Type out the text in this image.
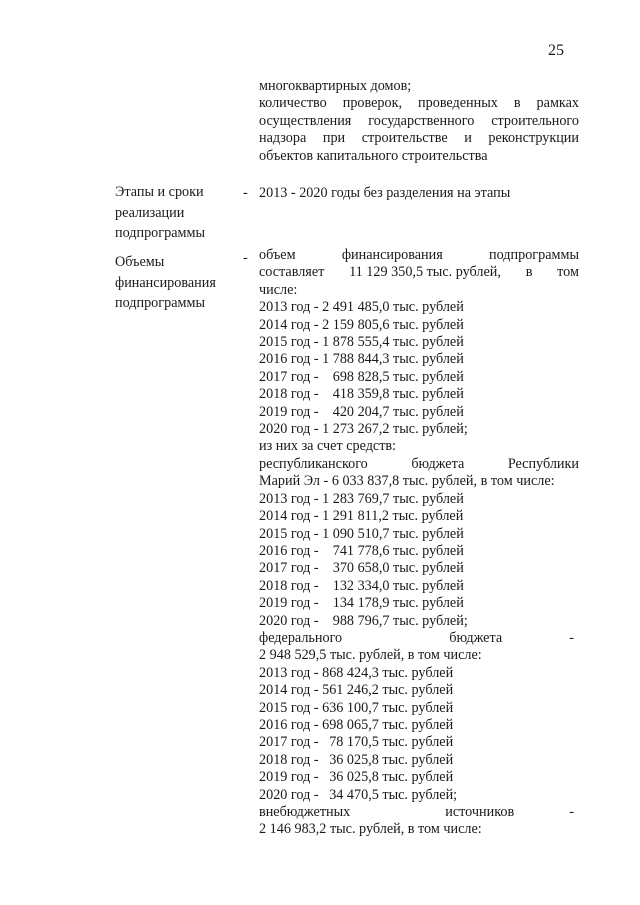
25
многоквартирных домов;
количество проверок, проведенных в рамках
осуществления государственного строительного
надзора при строительстве и реконструкции
объектов капитального строительства
Этапы и сроки
реализации
подпрограммы
- 2013 - 2020 годы без разделения на этапы
Объемы
финансирования
подпрограммы
- объем	финансирования	подпрограммы
составляет 11 129 350,5 тыс. рублей, в том
числе:
2013 год - 2 491 485,0 тыс. рублей
2014 год - 2 159 805,6 тыс. рублей
2015 год - 1 878 555,4 тыс. рублей
2016 год - 1 788 844,3 тыс. рублей
2017 год -    698 828,5 тыс. рублей
2018 год -    418 359,8 тыс. рублей
2019 год -    420 204,7 тыс. рублей
2020 год - 1 273 267,2 тыс. рублей;
из них за счет средств:
республиканского	бюджета	Республики
Марий Эл - 6 033 837,8 тыс. рублей, в том числе:
2013 год - 1 283 769,7 тыс. рублей
2014 год - 1 291 811,2 тыс. рублей
2015 год - 1 090 510,7 тыс. рублей
2016 год -    741 778,6 тыс. рублей
2017 год -    370 658,0 тыс. рублей
2018 год -    132 334,0 тыс. рублей
2019 год -    134 178,9 тыс. рублей
2020 год -    988 796,7 тыс. рублей;
федерального	бюджета	-
2 948 529,5 тыс. рублей, в том числе:
2013 год - 868 424,3 тыс. рублей
2014 год - 561 246,2 тыс. рублей
2015 год - 636 100,7 тыс. рублей
2016 год - 698 065,7 тыс. рублей
2017 год -   78 170,5 тыс. рублей
2018 год -   36 025,8 тыс. рублей
2019 год -   36 025,8 тыс. рублей
2020 год -   34 470,5 тыс. рублей;
внебюджетных	источников	-
2 146 983,2 тыс. рублей, в том числе:
